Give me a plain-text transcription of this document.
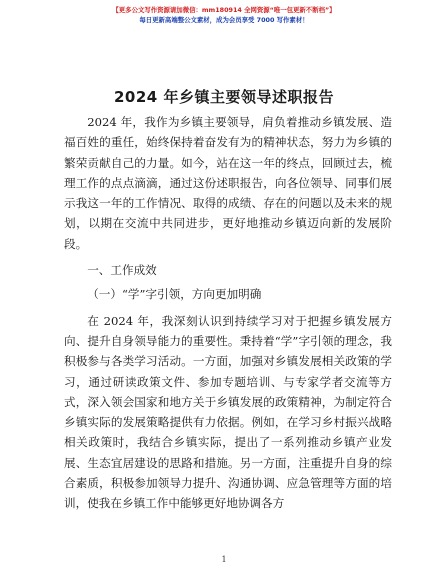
【更多公文写作资源请加微信：mm180914 全网资源“唯一包更新不断档”】
每日更新高端整公文素材，成为会员享受 7000 写作素材！
2024 年乡镇主要领导述职报告

2024 年，我作为乡镇主要领导，肩负着推动乡镇发展、造福百姓的重任，始终保持着奋发有为的精神状态，努力为乡镇的繁荣贡献自己的力量。如今，站在这一年的终点，回顾过去，梳理工作的点点滴滴，通过这份述职报告，向各位领导、同事们展示我这一年的工作情况、取得的成绩、存在的问题以及未来的规划，以期在交流中共同进步，更好地推动乡镇迈向新的发展阶段。

一、工作成效

（一）“学”字引领，方向更加明确

在 2024 年，我深刻认识到持续学习对于把握乡镇发展方向、提升自身领导能力的重要性。秉持着“学”字引领的理念，我积极参与各类学习活动。一方面，加强对乡镇发展相关政策的学习，通过研读政策文件、参加专题培训、与专家学者交流等方式，深入领会国家和地方关于乡镇发展的政策精神，为制定符合乡镇实际的发展策略提供有力依据。例如，在学习乡村振兴战略相关政策时，我结合乡镇实际，提出了一系列推动乡镇产业发展、生态宜居建设的思路和措施。另一方面，注重提升自身的综合素质，积极参加领导力提升、沟通协调、应急管理等方面的培训，使我在乡镇工作中能够更好地协调各方

1
